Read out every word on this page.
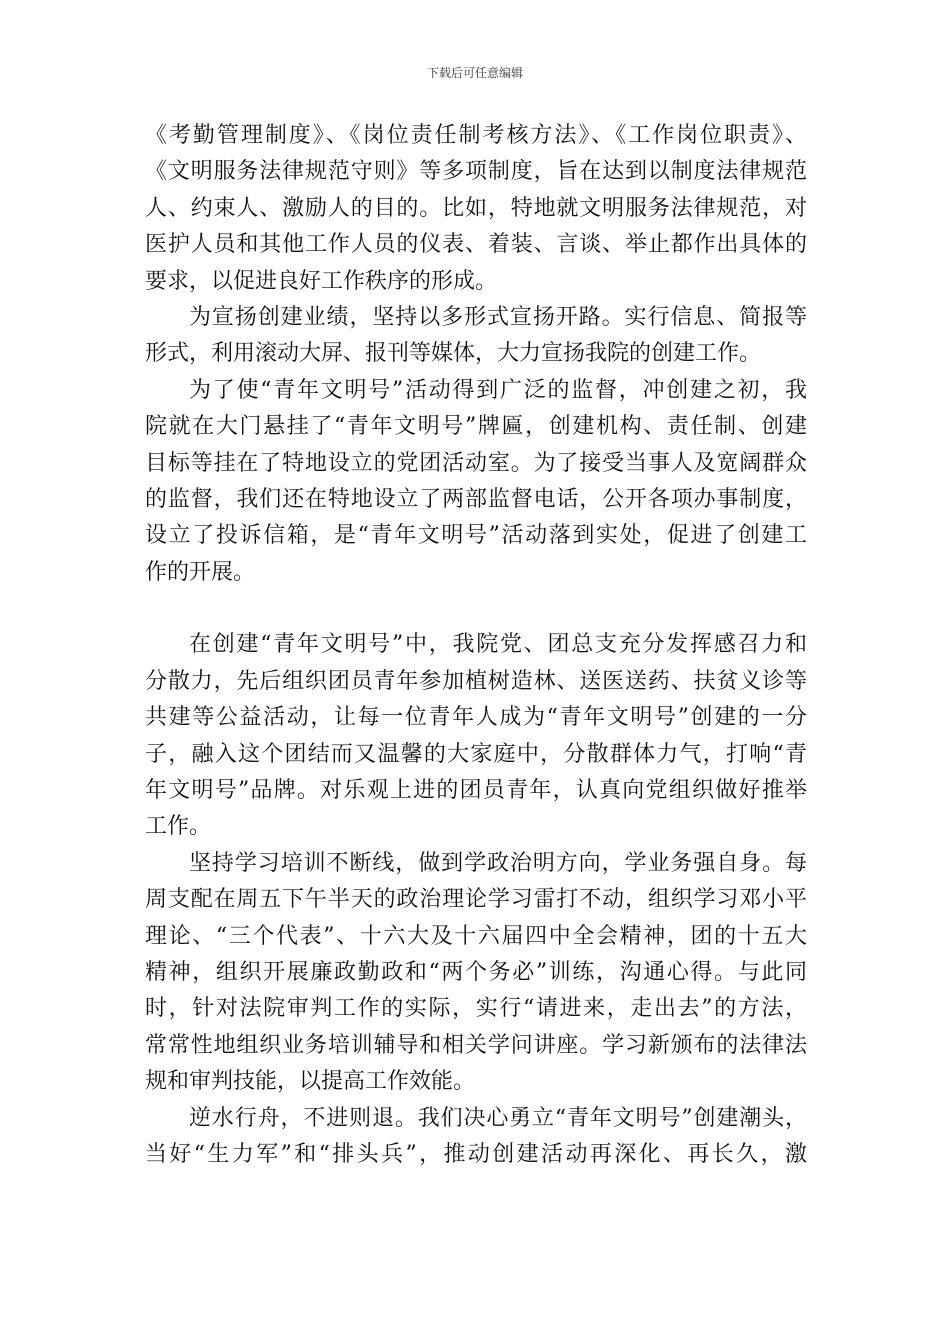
下载后可任意编辑
《考勤管理制度》、《岗位责任制考核方法》、《工作岗位职责》、
《文明服务法律规范守则》等多项制度，旨在达到以制度法律规范
人、约束人、激励人的目的。比如，特地就文明服务法律规范，对
医护人员和其他工作人员的仪表、着装、言谈、举止都作出具体的
要求，以促进良好工作秩序的形成。
为宣扬创建业绩，坚持以多形式宣扬开路。实行信息、简报等
形式，利用滚动大屏、报刊等媒体，大力宣扬我院的创建工作。
为了使“青年文明号”活动得到广泛的监督，冲创建之初，我
院就在大门悬挂了“青年文明号”牌匾，创建机构、责任制、创建
目标等挂在了特地设立的党团活动室。为了接受当事人及宽阔群众
的监督，我们还在特地设立了两部监督电话，公开各项办事制度，
设立了投诉信箱，是“青年文明号”活动落到实处，促进了创建工
作的开展。
在创建“青年文明号”中，我院党、团总支充分发挥感召力和
分散力，先后组织团员青年参加植树造林、送医送药、扶贫义诊等
共建等公益活动，让每一位青年人成为“青年文明号”创建的一分
子，融入这个团结而又温馨的大家庭中，分散群体力气，打响“青
年文明号”品牌。对乐观上进的团员青年，认真向党组织做好推举
工作。
坚持学习培训不断线，做到学政治明方向，学业务强自身。每
周支配在周五下午半天的政治理论学习雷打不动，组织学习邓小平
理论、“三个代表”、十六大及十六届四中全会精神，团的十五大
精神，组织开展廉政勤政和“两个务必”训练，沟通心得。与此同
时，针对法院审判工作的实际，实行“请进来，走出去”的方法，
常常性地组织业务培训辅导和相关学问讲座。学习新颁布的法律法
规和审判技能，以提高工作效能。
逆水行舟，不进则退。我们决心勇立“青年文明号”创建潮头，
当好“生力军”和“排头兵”，推动创建活动再深化、再长久，激
